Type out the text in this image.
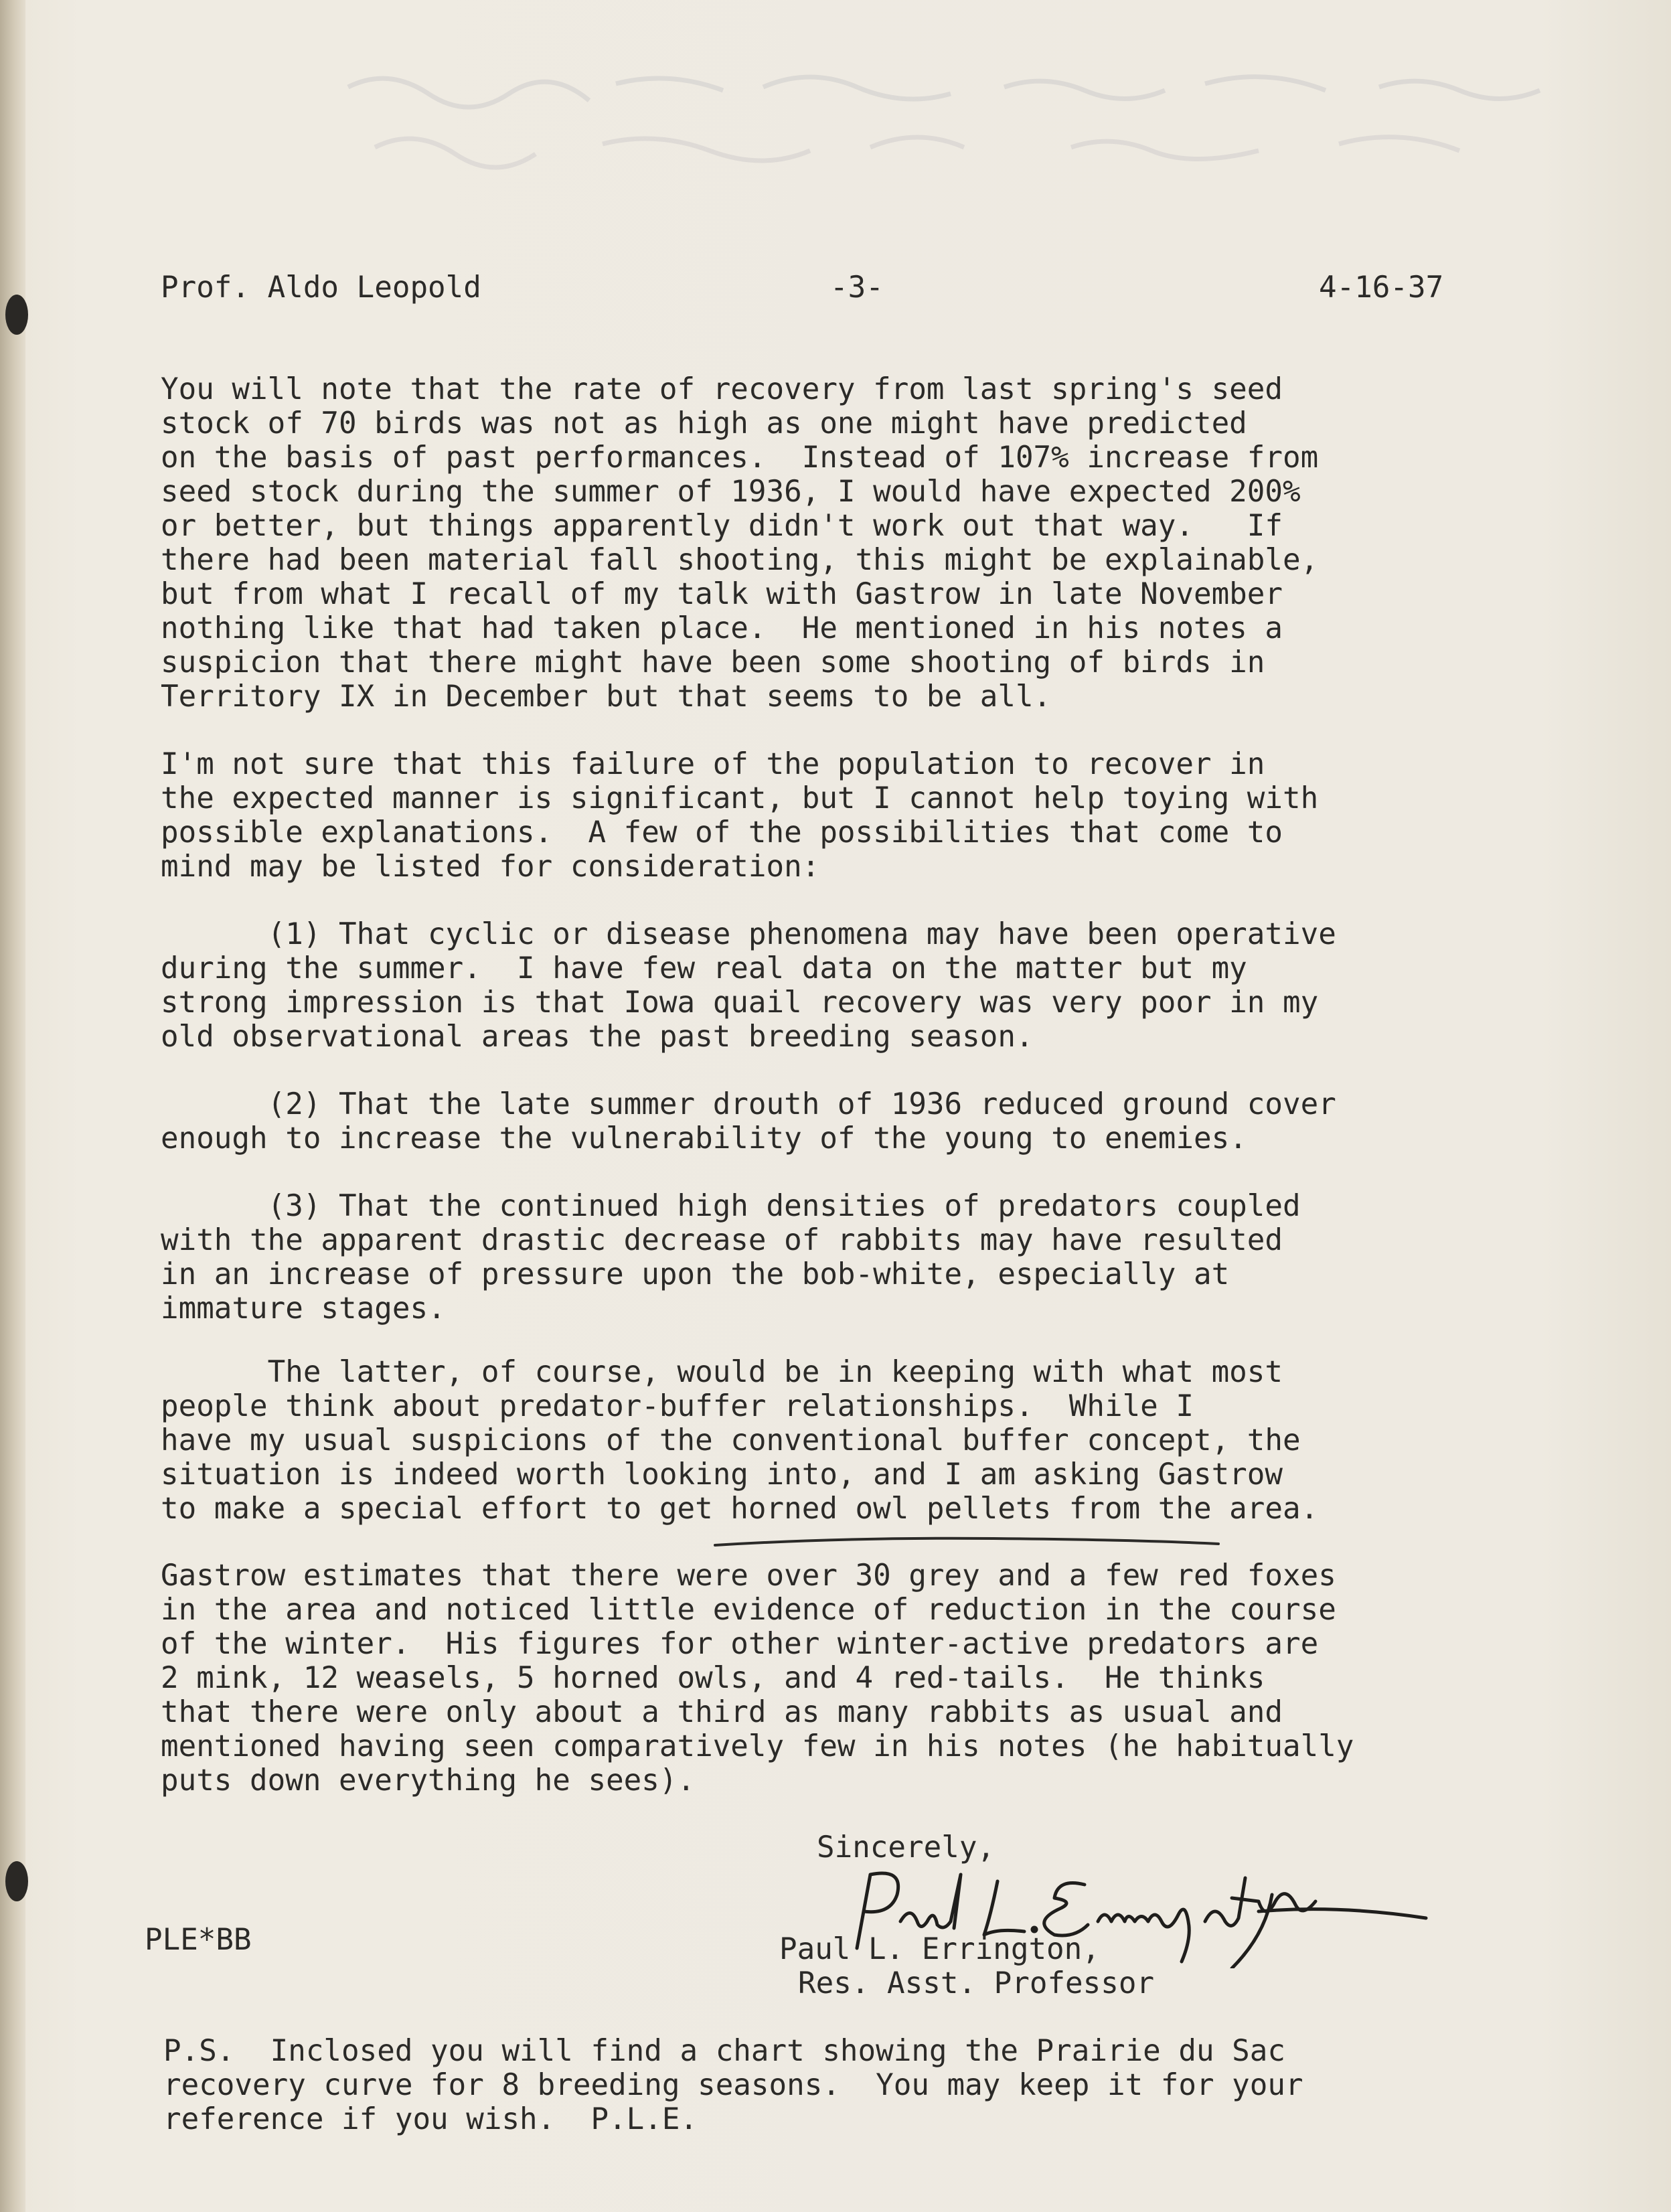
Prof. Aldo Leopold	-3-	4-16-37
You will note that the rate of recovery from last spring's seed
stock of 70 birds was not as high as one might have predicted
on the basis of past performances.  Instead of 107% increase from
seed stock during the summer of 1936, I would have expected 200%
or better, but things apparently didn't work out that way.   If
there had been material fall shooting, this might be explainable,
but from what I recall of my talk with Gastrow in late November
nothing like that had taken place.  He mentioned in his notes a
suspicion that there might have been some shooting of birds in
Territory IX in December but that seems to be all.
I'm not sure that this failure of the population to recover in
the expected manner is significant, but I cannot help toying with
possible explanations.  A few of the possibilities that come to
mind may be listed for consideration:
(1) That cyclic or disease phenomena may have been operative
during the summer.  I have few real data on the matter but my
strong impression is that Iowa quail recovery was very poor in my
old observational areas the past breeding season.
(2) That the late summer drouth of 1936 reduced ground cover
enough to increase the vulnerability of the young to enemies.
(3) That the continued high densities of predators coupled
with the apparent drastic decrease of rabbits may have resulted
in an increase of pressure upon the bob-white, especially at
immature stages.
The latter, of course, would be in keeping with what most
people think about predator-buffer relationships.  While I
have my usual suspicions of the conventional buffer concept, the
situation is indeed worth looking into, and I am asking Gastrow
to make a special effort to get horned owl pellets from the area.
Gastrow estimates that there were over 30 grey and a few red foxes
in the area and noticed little evidence of reduction in the course
of the winter.  His figures for other winter-active predators are
2 mink, 12 weasels, 5 horned owls, and 4 red-tails.  He thinks
that there were only about a third as many rabbits as usual and
mentioned having seen comparatively few in his notes (he habitually
puts down everything he sees).
Sincerely,
PLE*BB	Paul L. Errington,
Res. Asst. Professor
P.S.  Inclosed you will find a chart showing the Prairie du Sac
recovery curve for 8 breeding seasons.  You may keep it for your
reference if you wish.  P.L.E.
